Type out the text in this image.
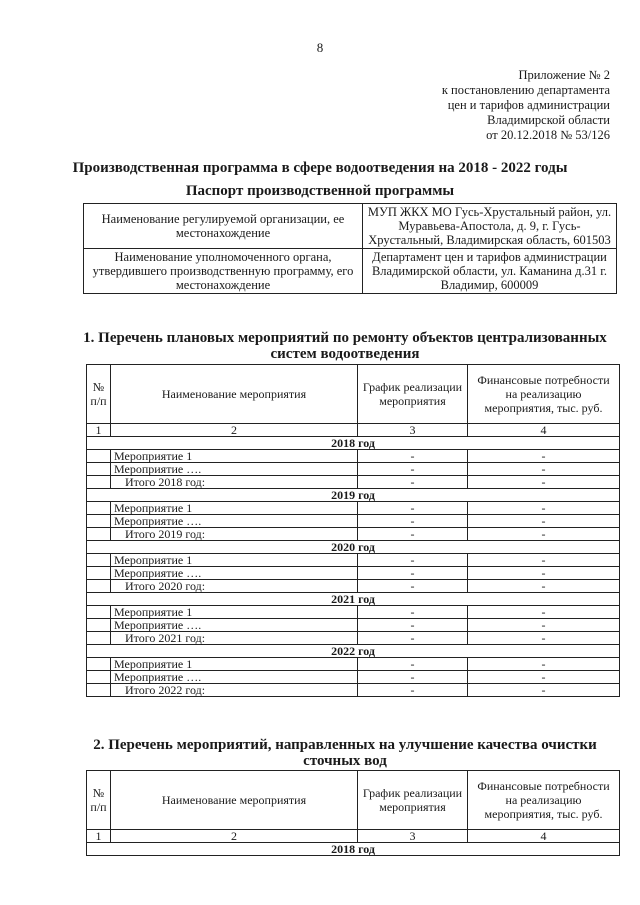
8
Приложение № 2
к постановлению департамента
цен и тарифов администрации
Владимирской области
от 20.12.2018 № 53/126
Производственная программа в сфере водоотведения на 2018 - 2022 годы
Паспорт производственной программы
Наименование регулируемой организации, ее местонахождение	МУП ЖКХ МО Гусь-Хрустальный район, ул. Муравьева-Апостола, д. 9, г. Гусь-Хрустальный, Владимирская область, 601503
Наименование уполномоченного органа, утвердившего производственную программу, его местонахождение	Департамент цен и тарифов администрации Владимирской области, ул. Каманина д.31 г. Владимир, 600009
1. Перечень плановых мероприятий по ремонту объектов централизованных систем водоотведения
№ п/п	Наименование мероприятия	График реализации мероприятия	Финансовые потребности на реализацию мероприятия, тыс. руб.
1	2	3	4
2018 год			
	Мероприятие 1	-	-
	Мероприятие ….	-	-
	Итого 2018 год:	-	-
2019 год			
	Мероприятие 1	-	-
	Мероприятие ….	-	-
	Итого 2019 год:	-	-
2020 год			
	Мероприятие 1	-	-
	Мероприятие ….	-	-
	Итого 2020 год:	-	-
2021 год			
	Мероприятие 1	-	-
	Мероприятие ….	-	-
	Итого 2021 год:	-	-
2022 год			
	Мероприятие 1	-	-
	Мероприятие ….	-	-
	Итого 2022 год:	-	-
2. Перечень мероприятий, направленных на улучшение качества очистки сточных вод
№ п/п	Наименование мероприятия	График реализации мероприятия	Финансовые потребности на реализацию мероприятия, тыс. руб.
1	2	3	4
2018 год			
